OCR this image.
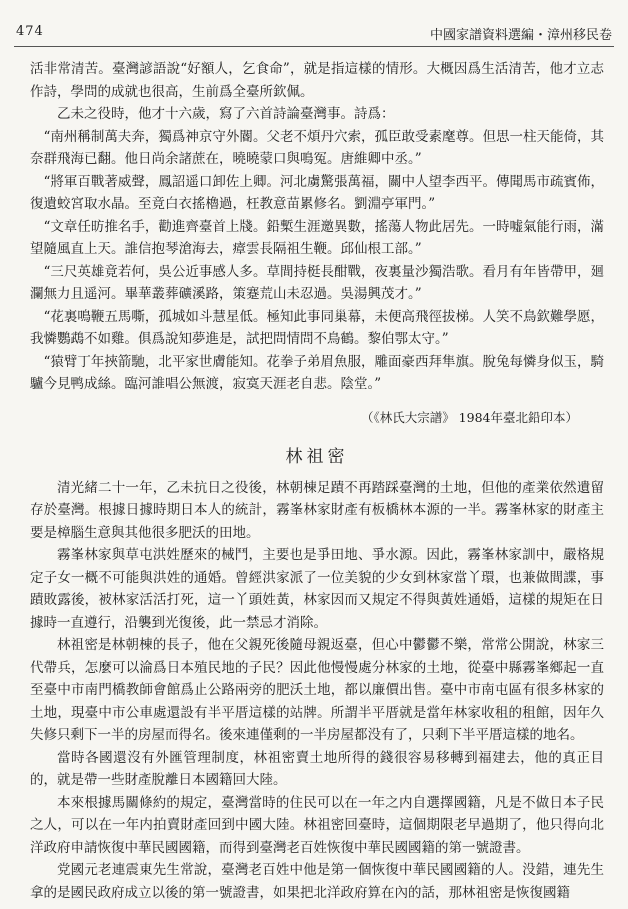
474	中國家譜資料選編・漳州移民卷

活非常清苦。臺灣諺語說“好額人，乞食命”，就是指這樣的情形。大概因爲生活清苦，他才立志作詩，學問的成就也很高，生前爲全臺所欽佩。

乙未之役時，他才十六歲，寫了六首詩論臺灣事。詩爲：

“南州稱制萬夫奔，獨爲神京守外閽。父老不煩丹穴索，孤臣敢受素麾尊。但思一柱天能倚，其奈群飛海已翻。他日尚余諸蔗在，曉曉蒙口與鳴冤。唐維卿中丞。”

“將軍百戰著威聲，鳳詔遥口卸佐上卿。河北虜驚張萬福，關中人望李西平。傳聞馬市疏賓佈，復遺蛟宮取水晶。至竟白衣搖櫓過，枉教意苗累修名。劉淵亭軍門。”

“文章任昉推名手，勸進齊臺首上牋。鉛槧生涯邀異數，搖蕩人物此居先。一時嘘氣能行雨，滿望隨風直上天。誰信抱琴滄海去，瘴雲長隔祖生鞭。邱仙根工部。”

“三尺英雄竟若何，吳公近事感人多。草間持梃長酣戰，夜裏量沙獨浩歌。看月有年皆帶甲，廻瀾無力且遥河。畢華叢葬礦溪路，策蹇荒山未忍過。吳湯興茂才。”

“花裏鳴鞭五馬嘶，孤城如斗慧星低。極知此事同巢幕，未便高飛徑拔梯。人笑不鳥欽難學愿，我憐鸚鵡不如雞。俱爲說知夢進是，試把問情問不鳥鶴。黎伯鄂太守。”

“猿臂丁年挾箭馳，北平家世膚能知。花拳子弟眉魚服，雕面豪西拜隼旗。脫兔每憐身似玉，騎驢今見鸭成絲。臨河誰唱公無渡，寂寞天涯老自悲。陰堂。”

（《林氏大宗譜》 1984年臺北鉛印本）
林祖密

清光緒二十一年，乙未抗日之役後，林朝棟足蹟不再踏踩臺灣的土地，但他的產業依然遺留存於臺灣。根據日據時期日本人的統計，霧峯林家財產有板橋林本源的一半。霧峯林家的財產主要是樟腦生意與其他很多肥沃的田地。

霧峯林家與草屯洪姓歷來的械鬥，主要也是爭田地、爭水源。因此，霧峯林家訓中，嚴格規定子女一概不可能與洪姓的通婚。曾經洪家派了一位美貌的少女到林家當丫環，也兼做間諜，事蹟敗露後，被林家活活打死，這一丫頭姓黃，林家因而又規定不得與黃姓通婚，這樣的規矩在日據時一直遵行，沿襲到光復後，此一禁忌才消除。

林祖密是林朝棟的長子，他在父親死後隨母親返臺，但心中鬱鬱不樂，常常公開說，林家三代帶兵，怎麼可以淪爲日本殖民地的子民？因此他慢慢處分林家的土地，從臺中縣霧峯鄉起一直至臺中市南門橋教師會館爲止公路兩旁的肥沃土地，都以廉價出售。臺中市南屯區有很多林家的土地，現臺中市公車處還設有半平厝這樣的站牌。所謂半平厝就是當年林家收租的租館，因年久失修只剩下一半的房屋而得名。後來連僅剩的一半房屋都没有了，只剩下半平厝這樣的地名。

當時各國還沒有外匯管理制度，林祖密賣土地所得的錢很容易移轉到福建去，他的真正目的，就是帶一些財產脫離日本國籍回大陸。

本來根據馬關條約的規定，臺灣當時的住民可以在一年之内自選擇國籍，凡是不做日本子民之人，可以在一年内拍賣財產回到中國大陸。林祖密回臺時，這個期限老早過期了，他只得向北洋政府申請恢復中華民國國籍，而得到臺灣老百姓恢復中華民國國籍的第一號證書。

党國元老連震東先生常說，臺灣老百姓中他是第一個恢復中華民國國籍的人。没錯，連先生拿的是國民政府成立以後的第一號證書，如果把北洋政府算在內的話，那林祖密是恢復國籍
